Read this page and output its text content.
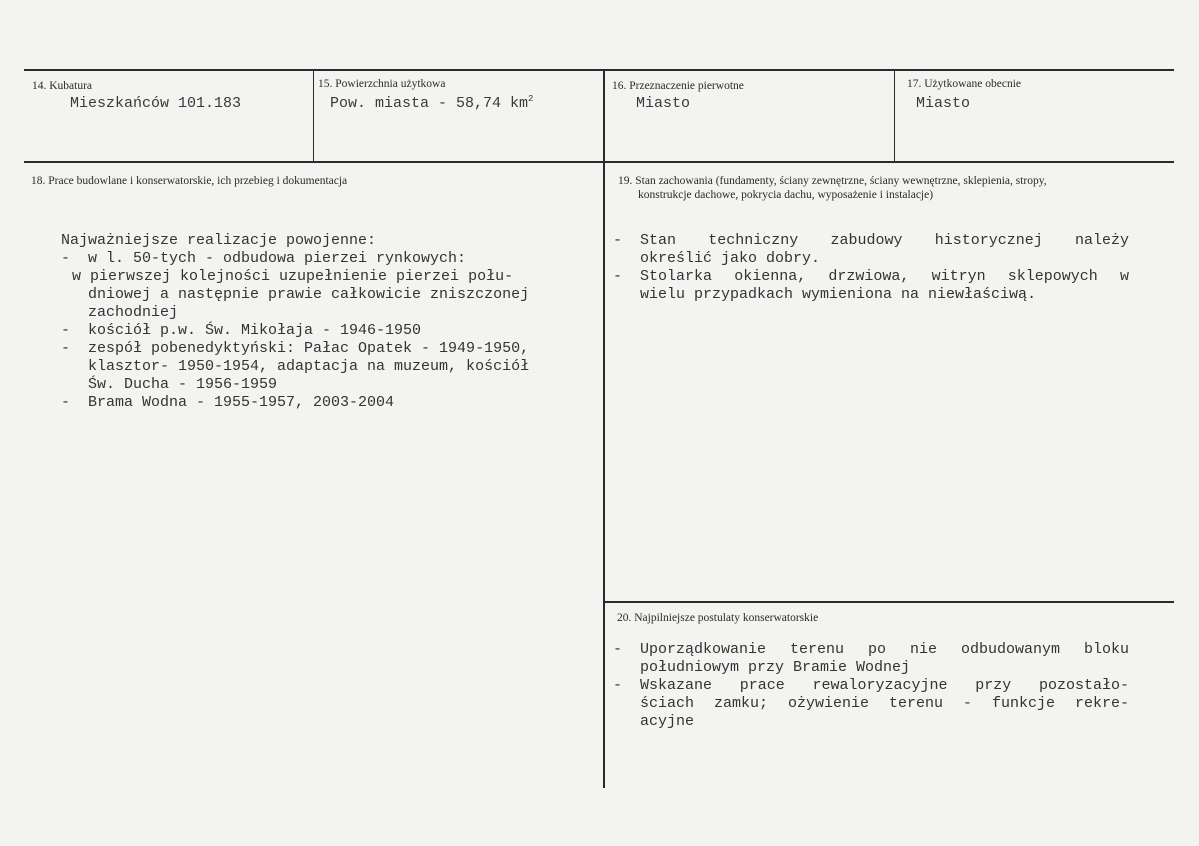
14. Kubatura
Mieszkańców 101.183
15. Powierzchnia użytkowa
Pow. miasta - 58,74 $km^2$
16. Przeznaczenie pierwotne
Miasto
17. Użytkowane obecnie
Miasto
18. Prace budowlane i konserwatorskie, ich przebieg i dokumentacja

Najważniejsze realizacje powojenne:

-	w l. 50-tych - odbudowa pierzei rynkowych:
w pierwszej kolejności uzupełnienie pierzei połu-
dniowej a następnie prawie całkowicie zniszczonej
zachodniej
-	kościół p.w. Św. Mikołaja - 1946-1950
-	zespół pobenedyktyński: Pałac Opatek - 1949-1950,
klasztor- 1950-1954, adaptacja na muzeum, kościół
Św. Ducha - 1956-1959
-	Brama Wodna - 1955-1957, 2003-2004
19. Stan zachowania (fundamenty, ściany zewnętrzne, ściany wewnętrzne, sklepienia, stropy,
konstrukcje dachowe, pokrycia dachu, wyposażenie i instalacje)
-	Stan techniczny zabudowy historycznej należy
określić jako dobry.
-	Stolarka okienna, drzwiowa, witryn sklepowych w
wielu przypadkach wymieniona na niewłaściwą.
20. Najpilniejsze postulaty konserwatorskie
-	Uporządkowanie terenu po nie odbudowanym bloku
południowym przy Bramie Wodnej
-	Wskazane prace rewaloryzacyjne przy pozostało-
ściach zamku; ożywienie terenu - funkcje rekre-
acyjne
